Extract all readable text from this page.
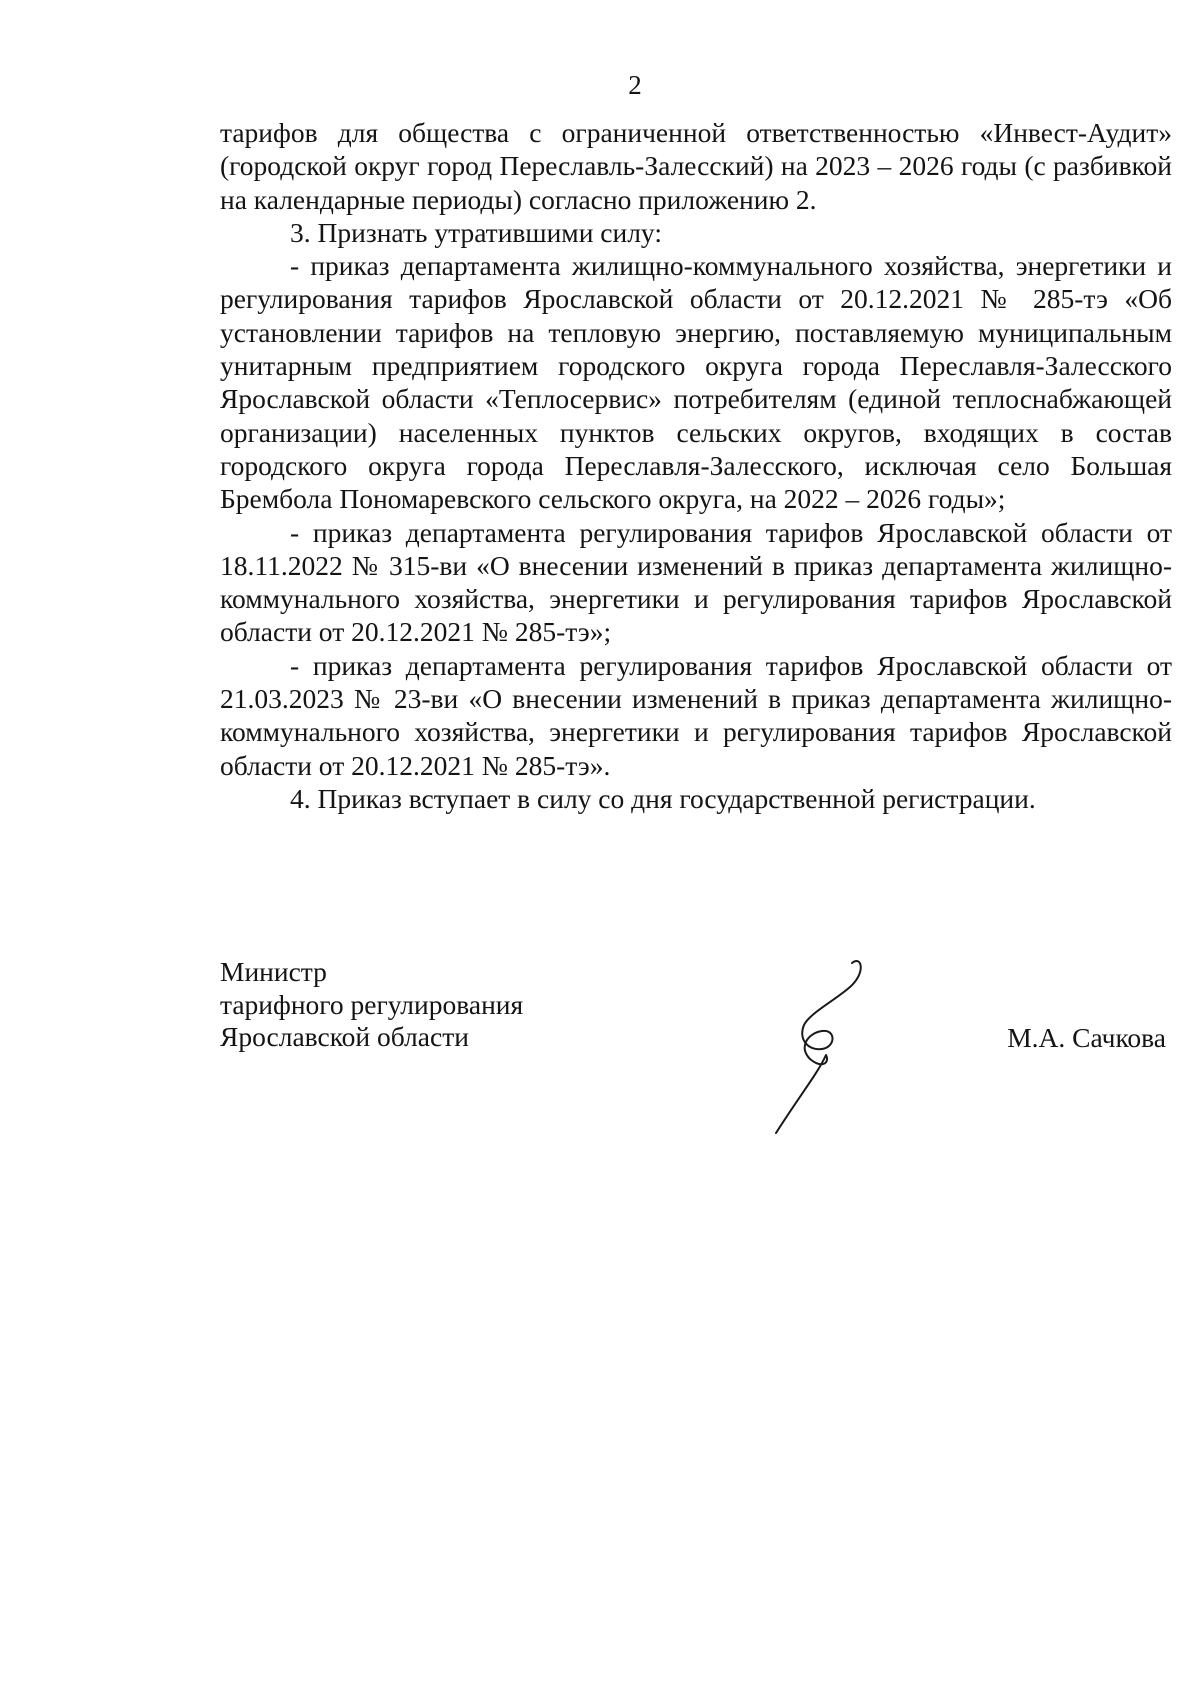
2

тарифов для общества с ограниченной ответственностью «Инвест-Аудит» (городской округ город Переславль-Залесский) на 2023 – 2026 годы (с разбивкой на календарные периоды) согласно приложению 2.

3. Признать утратившими силу:

- приказ департамента жилищно-коммунального хозяйства, энергетики и регулирования тарифов Ярославской области от 20.12.2021 № 285-тэ «Об установлении тарифов на тепловую энергию, поставляемую муниципальным унитарным предприятием городского округа города Переславля-Залесского Ярославской области «Теплосервис» потребителям (единой теплоснабжающей организации) населенных пунктов сельских округов, входящих в состав городского округа города Переславля-Залесского, исключая село Большая Брембола Пономаревского сельского округа, на 2022 – 2026 годы»;

- приказ департамента регулирования тарифов Ярославской области от 18.11.2022 № 315-ви «О внесении изменений в приказ департамента жилищно-коммунального хозяйства, энергетики и регулирования тарифов Ярославской области от 20.12.2021 № 285-тэ»;

- приказ департамента регулирования тарифов Ярославской области от 21.03.2023 № 23-ви «О внесении изменений в приказ департамента жилищно-коммунального хозяйства, энергетики и регулирования тарифов Ярославской области от 20.12.2021 № 285-тэ».

4. Приказ вступает в силу со дня государственной регистрации.

Министр
тарифного регулирования
Ярославской области	М.А. Сачкова
